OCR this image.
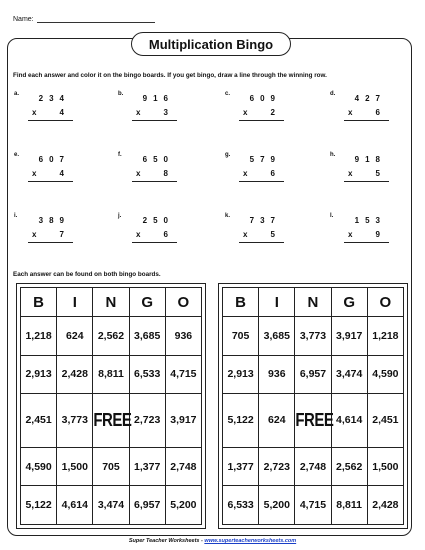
Name:
Multiplication Bingo
Find each answer and color it on the bingo boards. If you get bingo, draw a line through the winning row.
a. 234
x	4
b. 916
x	3
c. 609
x	2
d. 427
x	6
e. 607
x	4
f.	650
x	8
g. 579
x	6
h. 918
x	5
i.	389
x	7
j.	250
x	6
k. 737
x	5
l.	153
x	9
Each answer can be found on both bingo boards.
B	I	N	G	O
1,218	624	2,562	3,685	936
2,913	2,428	8,811	6,533	4,715
2,451	3,773	FREE	2,723	3,917
4,590	1,500	705	1,377	2,748
5,122	4,614	3,474	6,957	5,200
B	I	N	G	O
705	3,685	3,773	3,917	1,218
2,913	936	6,957	3,474	4,590
5,122	624	FREE	4,614	2,451
1,377	2,723	2,748	2,562	1,500
6,533	5,200	4,715	8,811	2,428
Super Teacher Worksheets - www.superteacherworksheets.com
